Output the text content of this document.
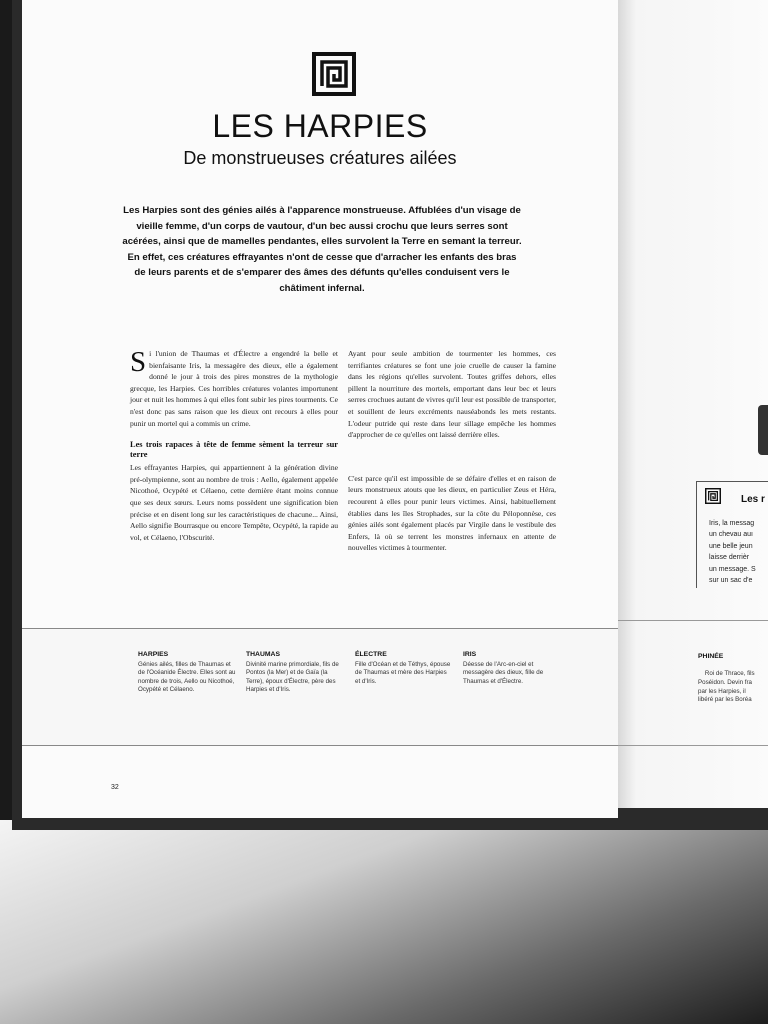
LES HARPIES
De monstrueuses créatures ailées
Les Harpies sont des génies ailés à l'apparence monstrueuse. Affublées d'un visage de vieille femme, d'un corps de vautour, d'un bec aussi crochu que leurs serres sont acérées, ainsi que de mamelles pendantes, elles survolent la Terre en semant la terreur. En effet, ces créatures effrayantes n'ont de cesse que d'arracher les enfants des bras de leurs parents et de s'emparer des âmes des défunts qu'elles conduisent vers le châtiment infernal.

Si l'union de Thaumas et d'Électre a engendré la belle et bienfaisante Iris, la messagère des dieux, elle a également donné le jour à trois des pires monstres de la mythologie grecque, les Harpies. Ces horribles créatures volantes importunent jour et nuit les hommes à qui elles font subir les pires tourments. Ce n'est donc pas sans raison que les dieux ont recours à elles pour punir un mortel qui a commis un crime.

Les trois rapaces à tête de femme sèment la terreur sur terre

Les effrayantes Harpies, qui appartiennent à la génération divine pré-olympienne, sont au nombre de trois : Aello, également appelée Nicothoé, Ocypété et Célaeno, cette dernière étant moins connue que ses deux sœurs. Leurs noms possèdent une signification bien précise et en disent long sur les caractéristiques de chacune... Ainsi, Aello signifie Bourrasque ou encore Tempête, Ocypété, la rapide au vol, et Célaeno, l'Obscurité.

Ayant pour seule ambition de tourmenter les hommes, ces terrifiantes créatures se font une joie cruelle de causer la famine dans les régions qu'elles survolent. Toutes griffes dehors, elles pillent la nourriture des mortels, emportant dans leur bec et leurs serres crochues autant de vivres qu'il leur est possible de transporter, et souillent de leurs excréments nauséabonds les mets restants. L'odeur putride qui reste dans leur sillage empêche les hommes d'approcher de ce qu'elles ont laissé derrière elles.

C'est parce qu'il est impossible de se défaire d'elles et en raison de leurs monstrueux atouts que les dieux, en particulier Zeus et Héra, recourent à elles pour punir leurs victimes. Ainsi, habituellement établies dans les îles Strophades, sur la côte du Péloponnèse, ces génies ailés sont également placés par Virgile dans le vestibule des Enfers, là où se terrent les monstres infernaux en attente de nouvelles victimes à tourmenter.

32
HARPIES
Génies ailés, filles de Thaumas et de l'Océanide Électre. Elles sont au nombre de trois, Aello ou Nicothoé, Ocypété et Célaeno.
THAUMAS
Divinité marine primordiale, fils de Pontos (la Mer) et de Gaïa (la Terre), époux d'Électre, père des Harpies et d'Iris.
ÉLECTRE
Fille d'Océan et de Téthys, épouse de Thaumas et mère des Harpies et d'Iris.
IRIS
Déesse de l'Arc-en-ciel et messagère des dieux, fille de Thaumas et d'Électre.
Les r
Iris, la messag
un chevau auı
une belle jeun
laisse derrièr
un message. S
sur un sac d'e

PHINÉE

Roi de Thrace, fils
Poséidon. Devin fra
par les Harpies, il
libéré par les Boréa
